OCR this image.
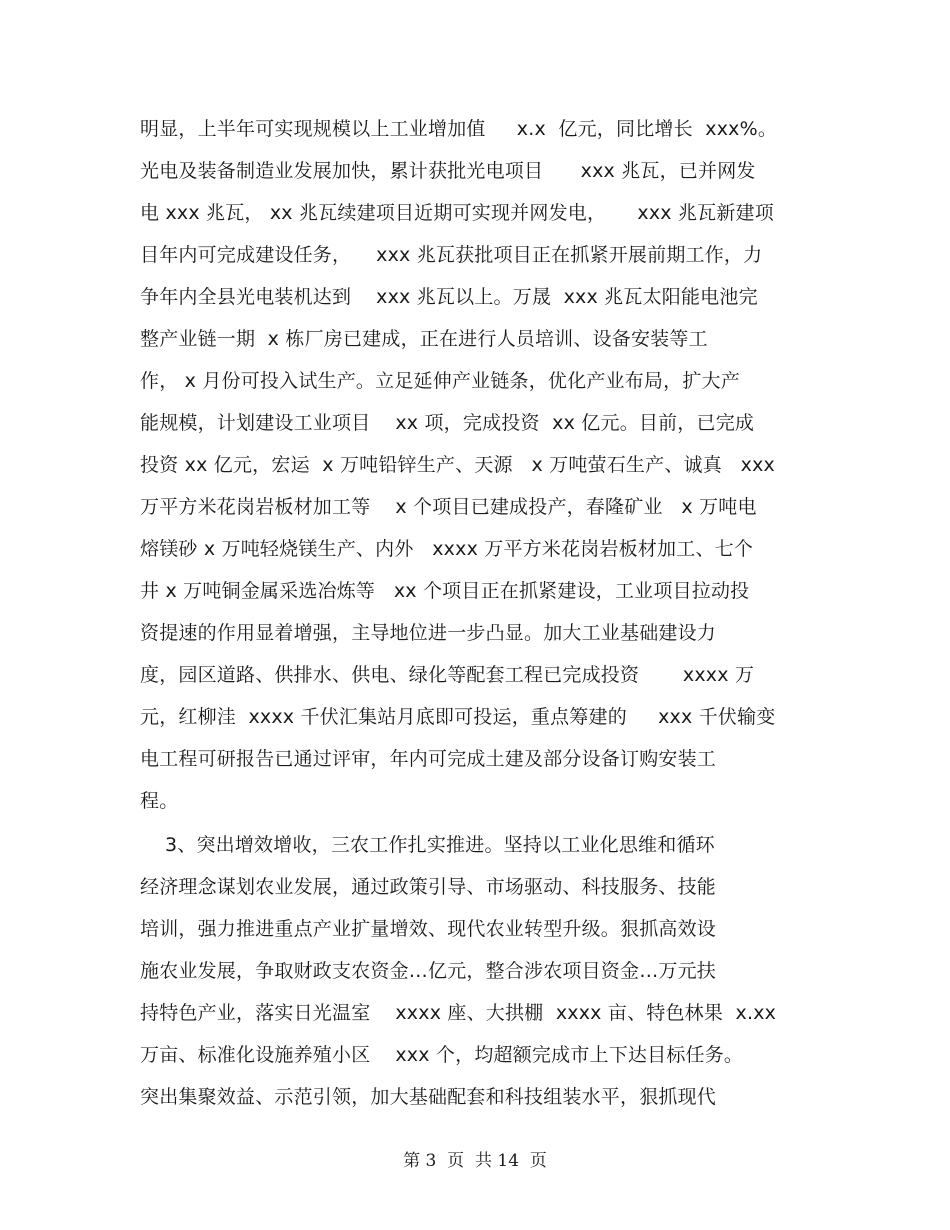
明显，上半年可实现规模以上工业增加值     x.x  亿元，同比增长  xxx%。
光电及装备制造业发展加快，累计获批光电项目      xxx 兆瓦，已并网发
电 xxx 兆瓦， xx 兆瓦续建项目近期可实现并网发电，     xxx 兆瓦新建项
目年内可完成建设任务，    xxx 兆瓦获批项目正在抓紧开展前期工作，力
争年内全县光电装机达到    xxx 兆瓦以上。万晟  xxx 兆瓦太阳能电池完
整产业链一期  x 栋厂房已建成，正在进行人员培训、设备安装等工
作， x 月份可投入试生产。立足延伸产业链条，优化产业布局，扩大产
能规模，计划建设工业项目    xx 项，完成投资  xx 亿元。目前，已完成
投资 xx 亿元，宏运  x 万吨铅锌生产、天源   x 万吨萤石生产、诚真   xxx
万平方米花岗岩板材加工等    x 个项目已建成投产，春隆矿业   x 万吨电
熔镁砂 x 万吨轻烧镁生产、内外   xxxx 万平方米花岗岩板材加工、七个
井 x 万吨铜金属采选冶炼等   xx 个项目正在抓紧建设，工业项目拉动投
资提速的作用显着增强，主导地位进一步凸显。加大工业基础建设力
度，园区道路、供排水、供电、绿化等配套工程已完成投资       xxxx 万
元，红柳洼  xxxx 千伏汇集站月底即可投运，重点筹建的     xxx 千伏输变
电工程可研报告已通过评审，年内可完成土建及部分设备订购安装工
程。
3、突出增效增收，三农工作扎实推进。坚持以工业化思维和循环
经济理念谋划农业发展，通过政策引导、市场驱动、科技服务、技能
培训，强力推进重点产业扩量增效、现代农业转型升级。狠抓高效设
施农业发展，争取财政支农资金…亿元，整合涉农项目资金…万元扶
持特色产业，落实日光温室    xxxx 座、大拱棚  xxxx 亩、特色林果  x.xx
万亩、标准化设施养殖小区    xxx 个，均超额完成市上下达目标任务。
突出集聚效益、示范引领，加大基础配套和科技组装水平，狠抓现代
第 3  页  共 14  页
